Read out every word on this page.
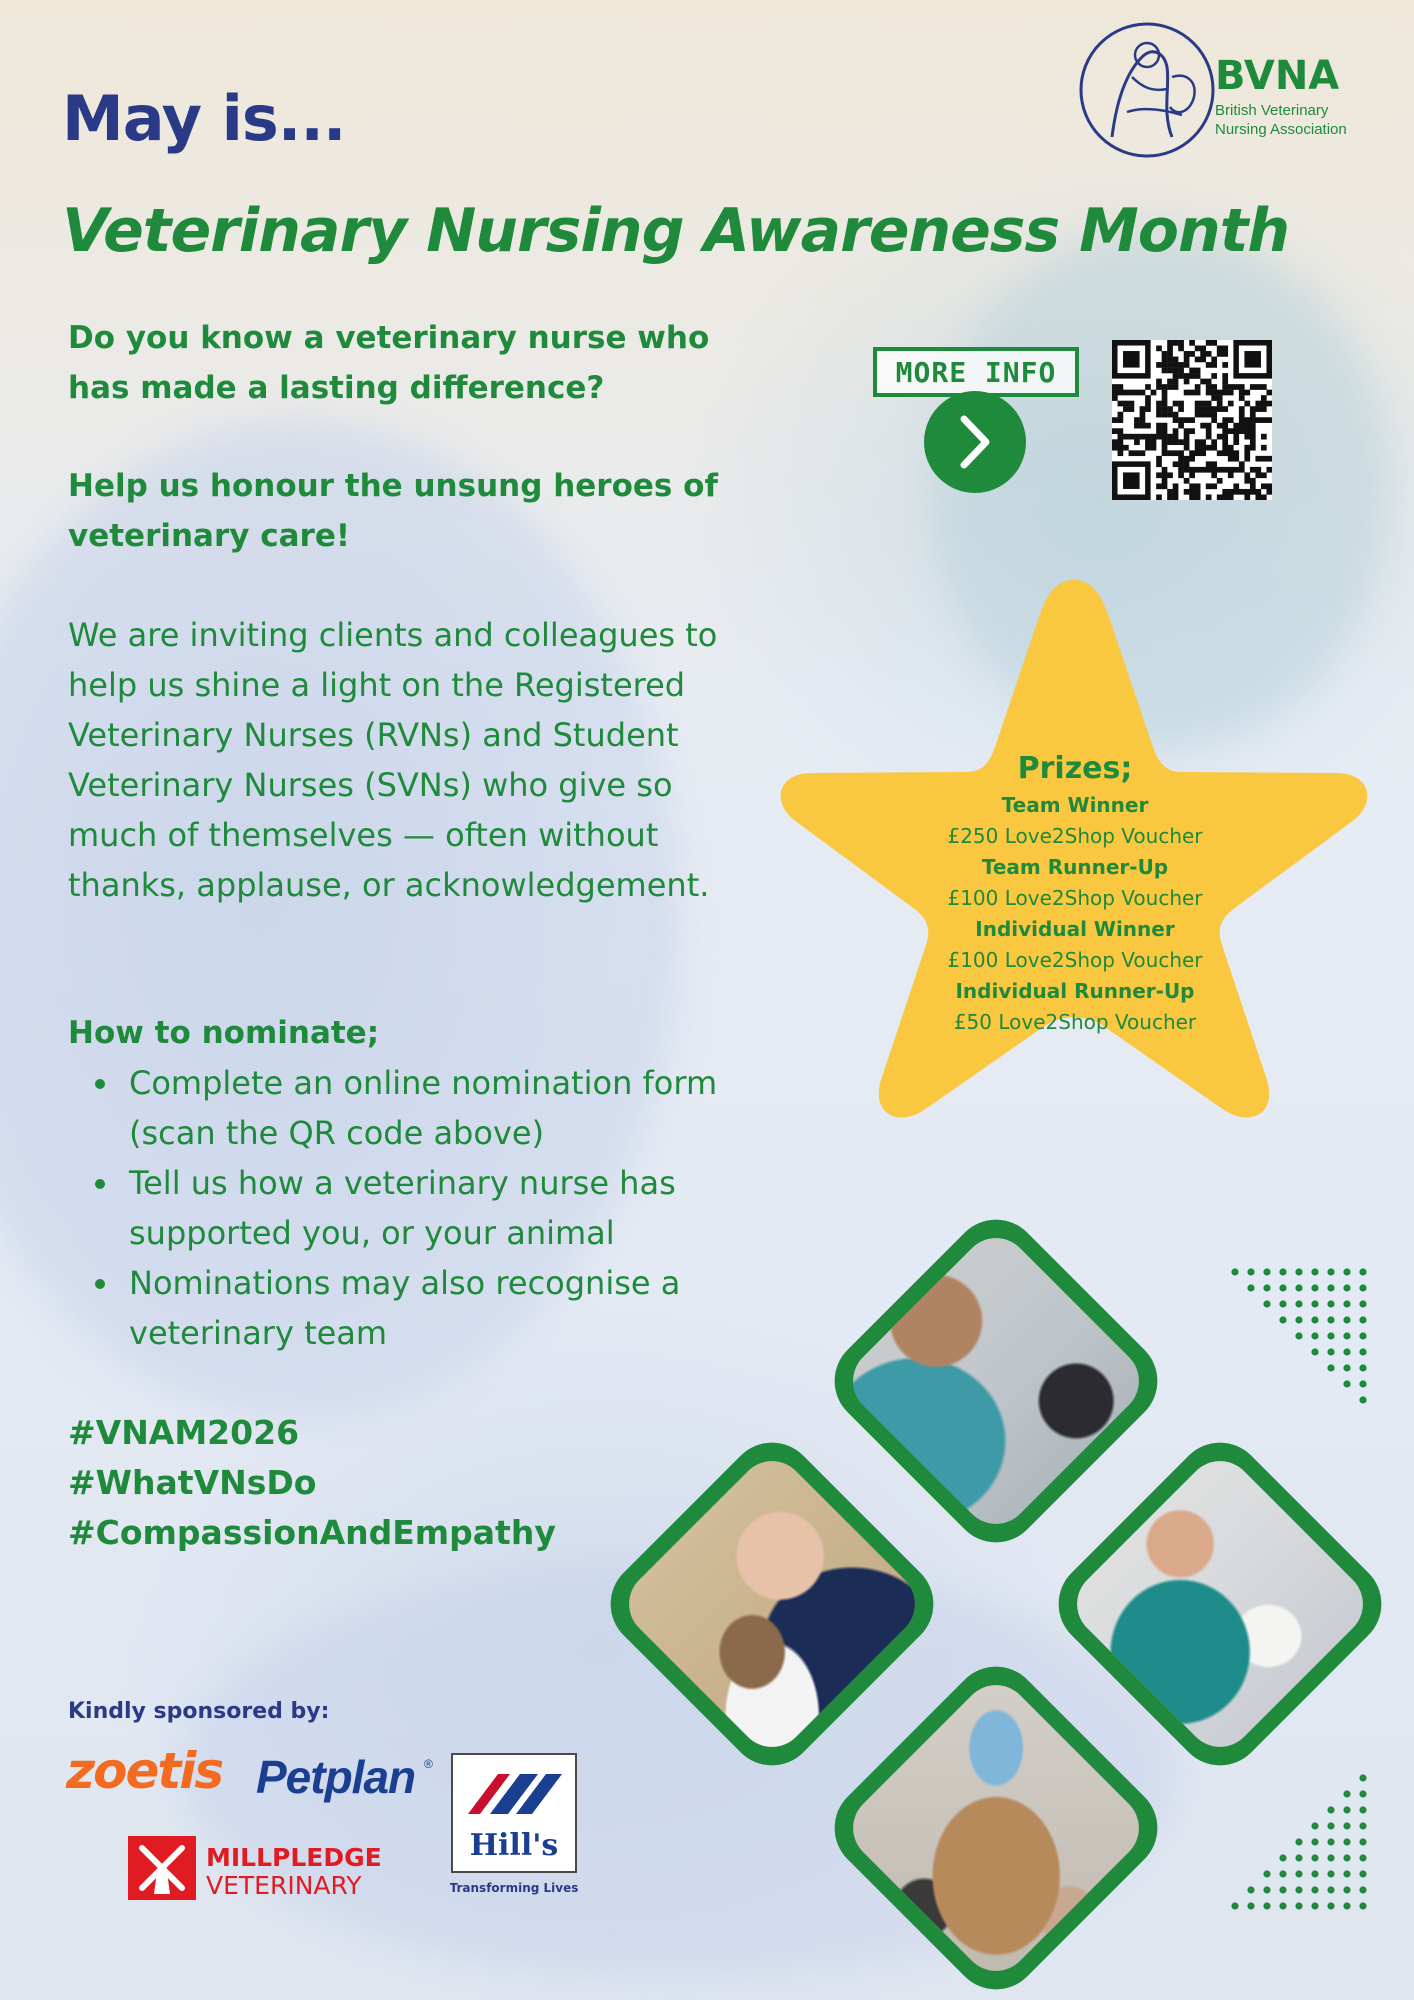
BVNA
British Veterinary
Nursing Association
May is...
Veterinary Nursing Awareness Month
Do you know a veterinary nurse who has made a lasting difference?
Help us honour the unsung heroes of veterinary care!
We are inviting clients and colleagues to help us shine a light on the Registered Veterinary Nurses (RVNs) and Student Veterinary Nurses (SVNs) who give so much of themselves — often without thanks, applause, or acknowledgement.
How to nominate;
Complete an online nomination form (scan the QR code above)
Tell us how a veterinary nurse has supported you, or your animal
Nominations may also recognise a veterinary team
#VNAM2026
#WhatVNsDo
#CompassionAndEmpathy
MORE INFO
Prizes;
Team Winner
£250 Love2Shop Voucher
Team Runner-Up
£100 Love2Shop Voucher
Individual Winner
£100 Love2Shop Voucher
Individual Runner-Up
£50 Love2Shop Voucher
Kindly sponsored by:
zoetis Petplan ®
MILLPLEDGE
VETERINARY
Hill's
Transforming Lives
